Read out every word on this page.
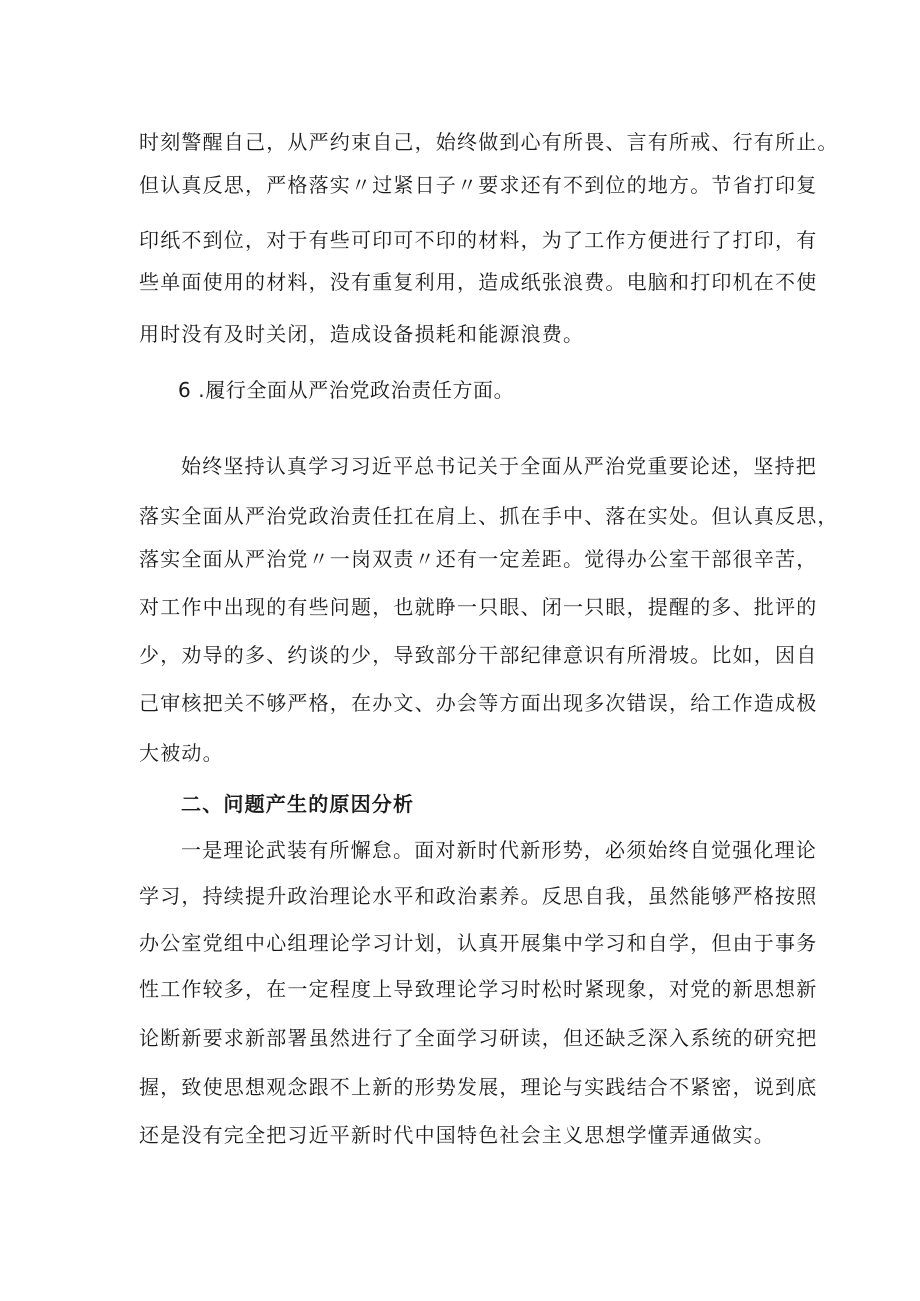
时刻警醒自己，从严约束自己，始终做到心有所畏、言有所戒、行有所止。
但认真反思，严格落实〃过紧日子〃要求还有不到位的地方。节省打印复
印纸不到位，对于有些可印可不印的材料，为了工作方便进行了打印，有
些单面使用的材料，没有重复利用，造成纸张浪费。电脑和打印机在不使
用时没有及时关闭，造成设备损耗和能源浪费。
6 .履行全面从严治党政治责任方面。
始终坚持认真学习习近平总书记关于全面从严治党重要论述，坚持把
落实全面从严治党政治责任扛在肩上、抓在手中、落在实处。但认真反思，
落实全面从严治党〃一岗双责〃还有一定差距。觉得办公室干部很辛苦，
对工作中出现的有些问题，也就睁一只眼、闭一只眼，提醒的多、批评的
少，劝导的多、约谈的少，导致部分干部纪律意识有所滑坡。比如，因自
己审核把关不够严格，在办文、办会等方面出现多次错误，给工作造成极
大被动。
二、问题产生的原因分析
一是理论武装有所懈怠。面对新时代新形势，必须始终自觉强化理论
学习，持续提升政治理论水平和政治素养。反思自我，虽然能够严格按照
办公室党组中心组理论学习计划，认真开展集中学习和自学，但由于事务
性工作较多，在一定程度上导致理论学习时松时紧现象，对党的新思想新
论断新要求新部署虽然进行了全面学习研读，但还缺乏深入系统的研究把
握，致使思想观念跟不上新的形势发展，理论与实践结合不紧密，说到底
还是没有完全把习近平新时代中国特色社会主义思想学懂弄通做实。
